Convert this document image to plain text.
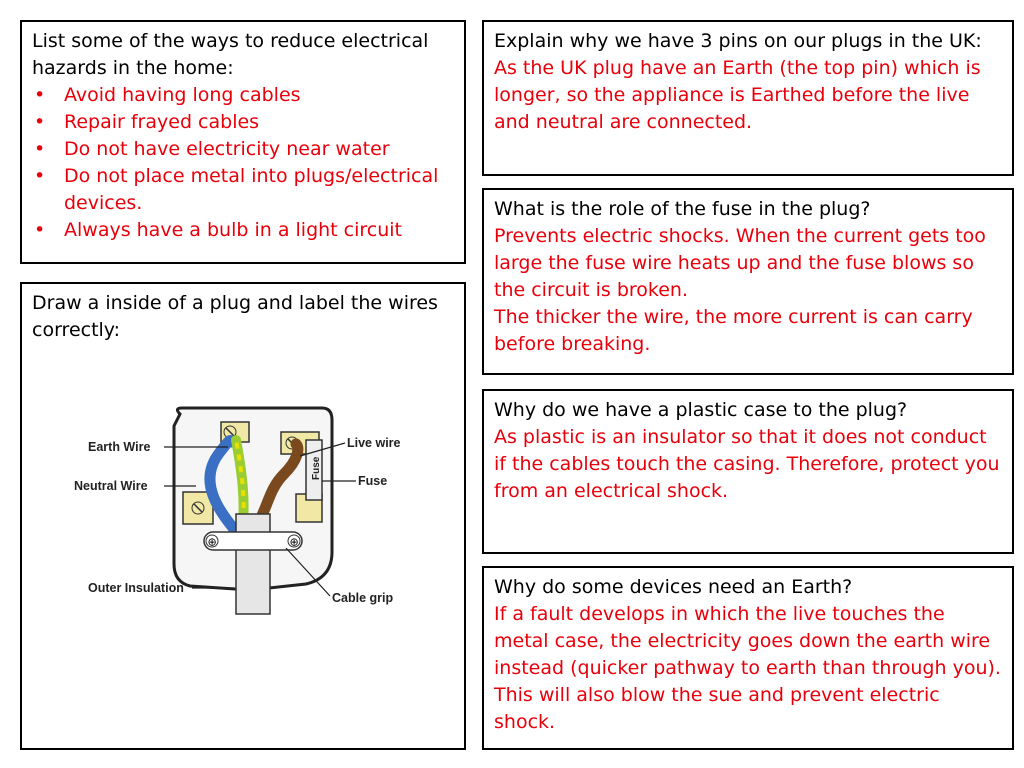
List some of the ways to reduce electrical hazards in the home:
• Avoid having long cables
• Repair frayed cables
• Do not have electricity near water
• Do not place metal into plugs/electrical devices.
• Always have a bulb in a light circuit
Draw a inside of a plug and label the wires correctly:
Fuse
⊕	⊕
Earth Wire
Neutral Wire
Outer Insulation
Live wire
Fuse
Cable grip
Explain why we have 3 pins on our plugs in the UK:
As the UK plug have an Earth (the top pin) which is longer, so the appliance is Earthed before the live and neutral are connected.
What is the role of the fuse in the plug?
Prevents electric shocks. When the current gets too large the fuse wire heats up and the fuse blows so the circuit is broken.
The thicker the wire, the more current is can carry before breaking.
Why do we have a plastic case to the plug?
As plastic is an insulator so that it does not conduct if the cables touch the casing. Therefore, protect you from an electrical shock.
Why do some devices need an Earth?
If a fault develops in which the live touches the metal case, the electricity goes down the earth wire instead (quicker pathway to earth than through you). This will also blow the sue and prevent electric shock.
